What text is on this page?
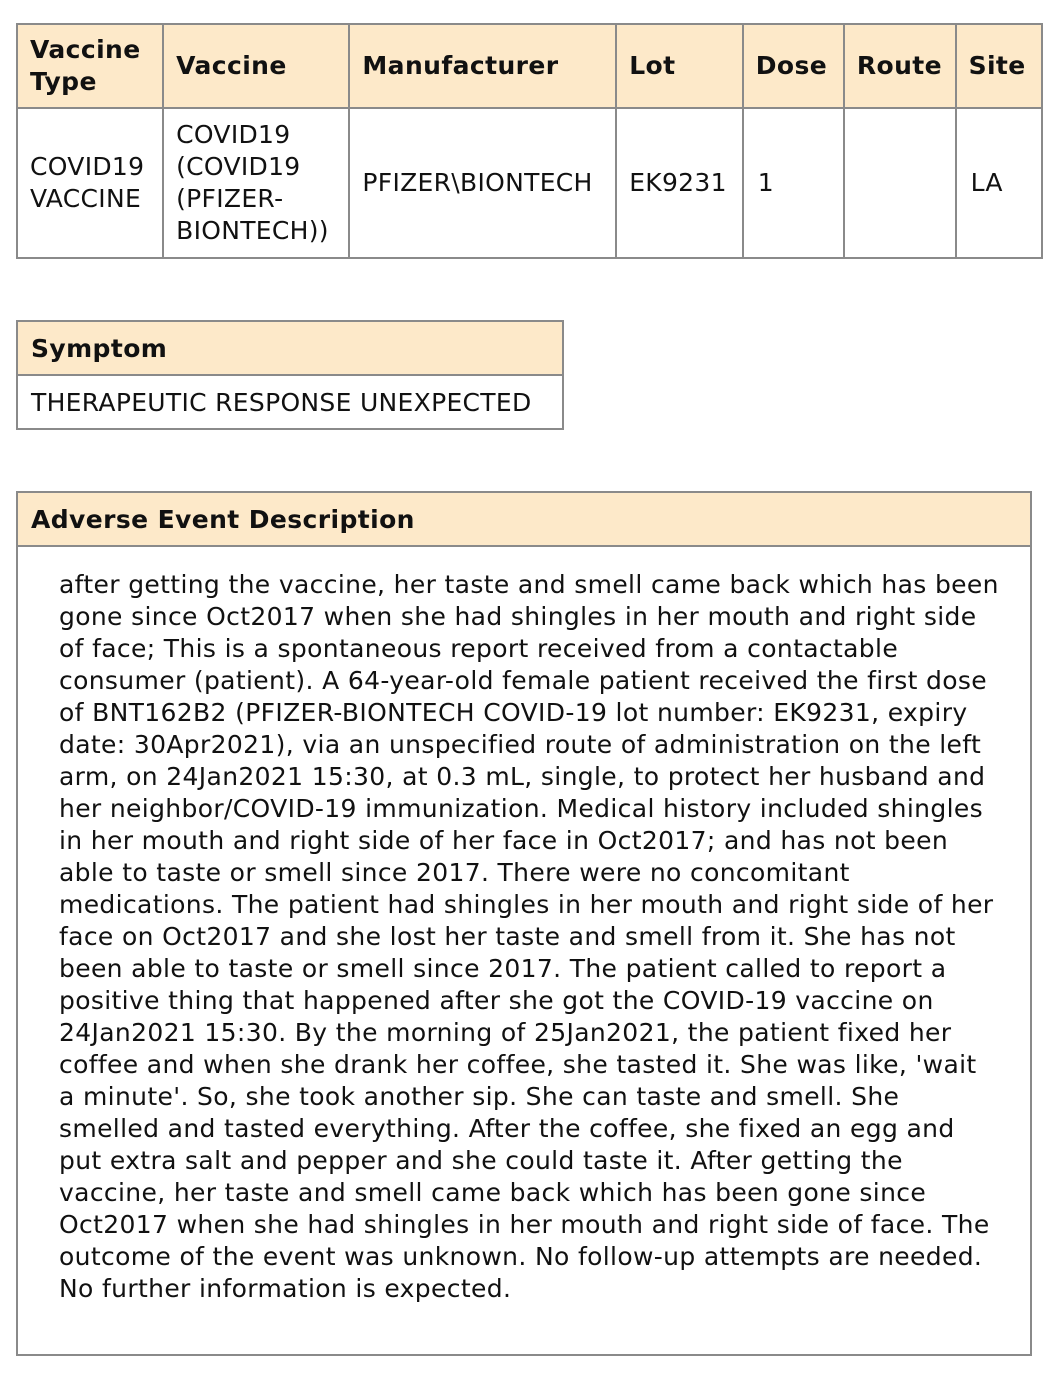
Vaccine Type	Vaccine	Manufacturer	Lot	Dose	Route	Site
COVID19 VACCINE	COVID19 (COVID19 (PFIZER-BIONTECH))	PFIZER\BIONTECH	EK9231	1		LA
Symptom
THERAPEUTIC RESPONSE UNEXPECTED
Adverse Event Description
after getting the vaccine, her taste and smell came back which has been gone since Oct2017 when she had shingles in her mouth and right side of face; This is a spontaneous report received from a contactable consumer (patient). A 64-year-old female patient received the first dose of BNT162B2 (PFIZER-BIONTECH COVID-19 lot number: EK9231, expiry date: 30Apr2021), via an unspecified route of administration on the left arm, on 24Jan2021 15:30, at 0.3 mL, single, to protect her husband and her neighbor/COVID-19 immunization. Medical history included shingles in her mouth and right side of her face in Oct2017; and has not been able to taste or smell since 2017. There were no concomitant medications. The patient had shingles in her mouth and right side of her face on Oct2017 and she lost her taste and smell from it. She has not been able to taste or smell since 2017. The patient called to report a positive thing that happened after she got the COVID-19 vaccine on 24Jan2021 15:30. By the morning of 25Jan2021, the patient fixed her coffee and when she drank her coffee, she tasted it. She was like, 'wait a minute'. So, she took another sip. She can taste and smell. She smelled and tasted everything. After the coffee, she fixed an egg and put extra salt and pepper and she could taste it. After getting the vaccine, her taste and smell came back which has been gone since Oct2017 when she had shingles in her mouth and right side of face. The outcome of the event was unknown. No follow-up attempts are needed. No further information is expected.
